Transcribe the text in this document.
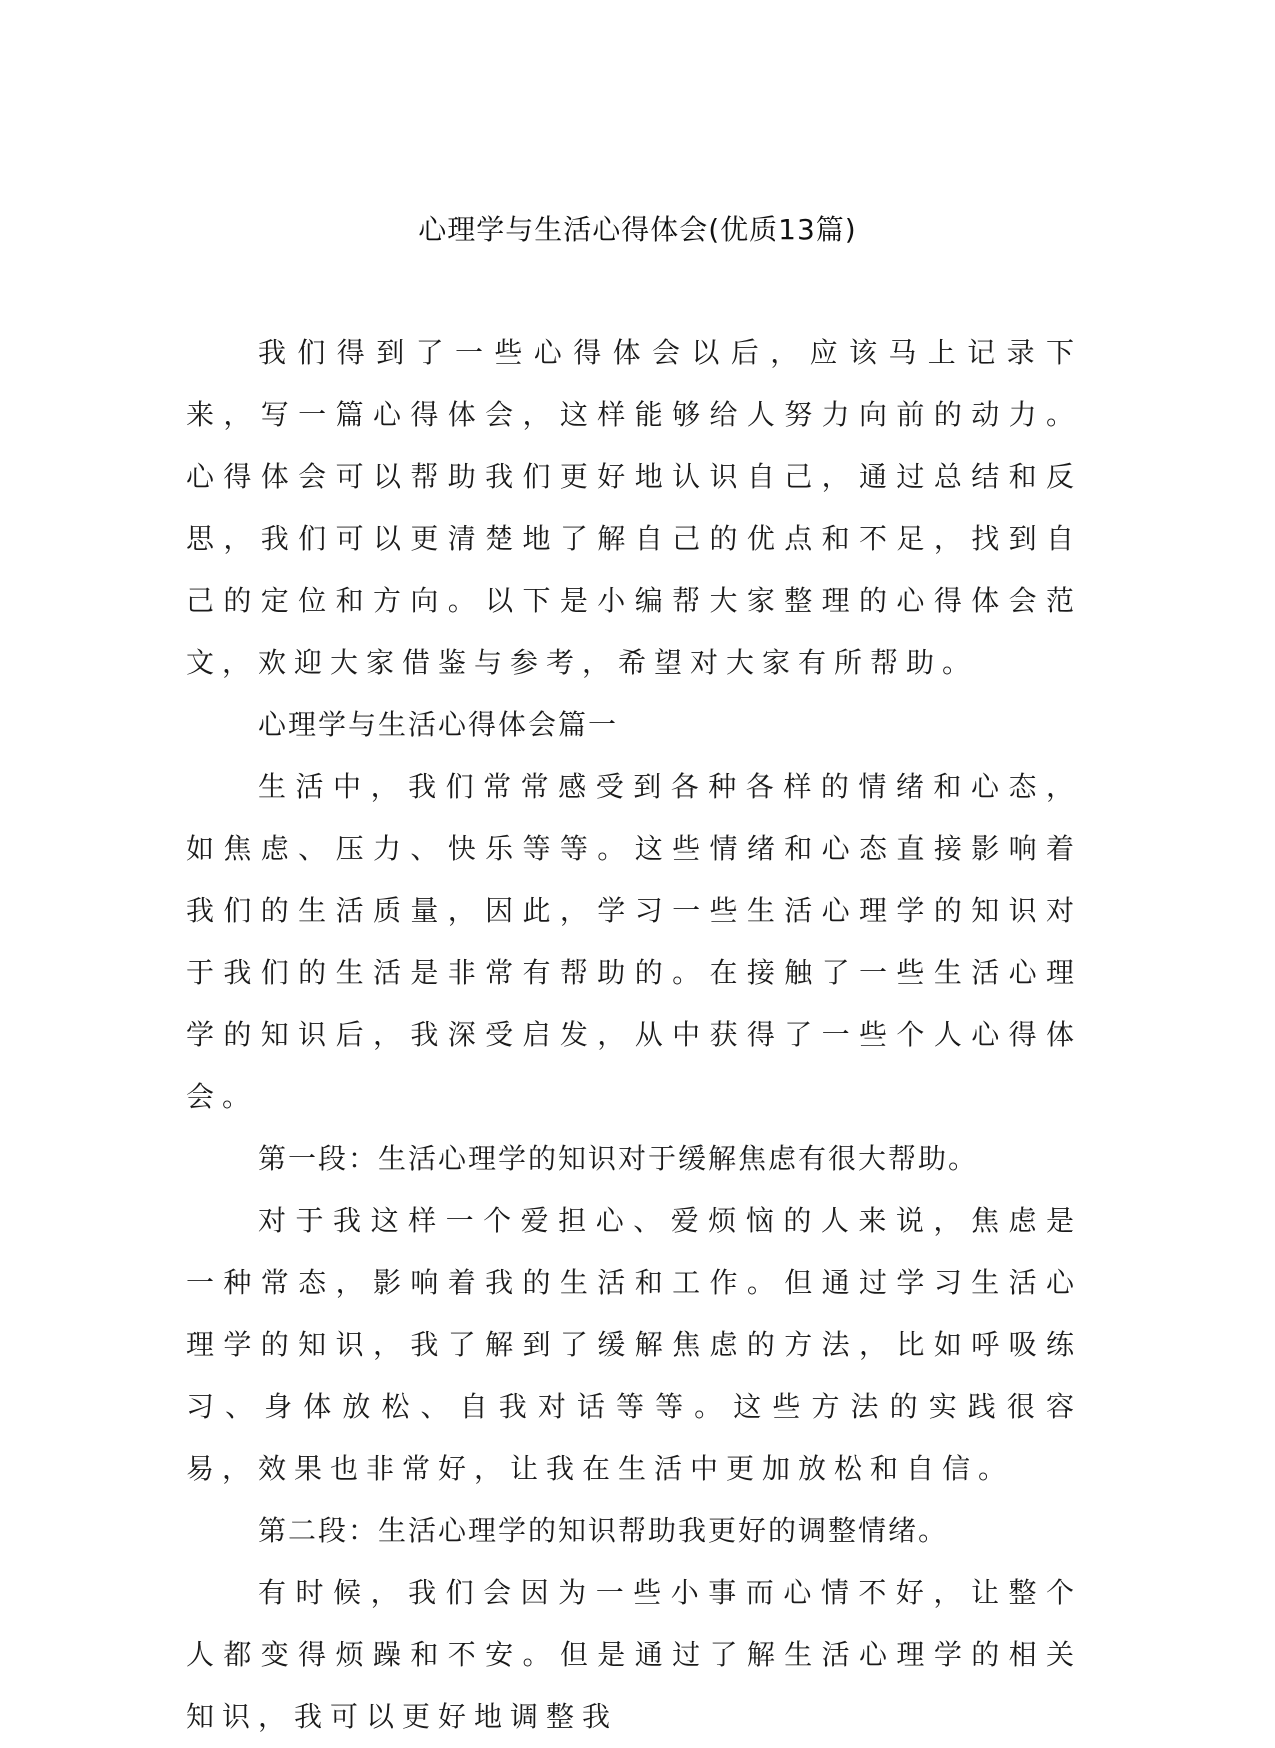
心理学与生活心得体会(优质13篇)

我们得到了一些心得体会以后，应该马上记录下来，写一篇心得体会，这样能够给人努力向前的动力。心得体会可以帮助我们更好地认识自己，通过总结和反思，我们可以更清楚地了解自己的优点和不足，找到自己的定位和方向。以下是小编帮大家整理的心得体会范文，欢迎大家借鉴与参考，希望对大家有所帮助。

心理学与生活心得体会篇一

生活中，我们常常感受到各种各样的情绪和心态，如焦虑、压力、快乐等等。这些情绪和心态直接影响着我们的生活质量，因此，学习一些生活心理学的知识对于我们的生活是非常有帮助的。在接触了一些生活心理学的知识后，我深受启发，从中获得了一些个人心得体会。

第一段：生活心理学的知识对于缓解焦虑有很大帮助。

对于我这样一个爱担心、爱烦恼的人来说，焦虑是一种常态，影响着我的生活和工作。但通过学习生活心理学的知识，我了解到了缓解焦虑的方法，比如呼吸练习、身体放松、自我对话等等。这些方法的实践很容易，效果也非常好，让我在生活中更加放松和自信。

第二段：生活心理学的知识帮助我更好的调整情绪。

有时候，我们会因为一些小事而心情不好，让整个人都变得烦躁和不安。但是通过了解生活心理学的相关知识，我可以更好地调整我
